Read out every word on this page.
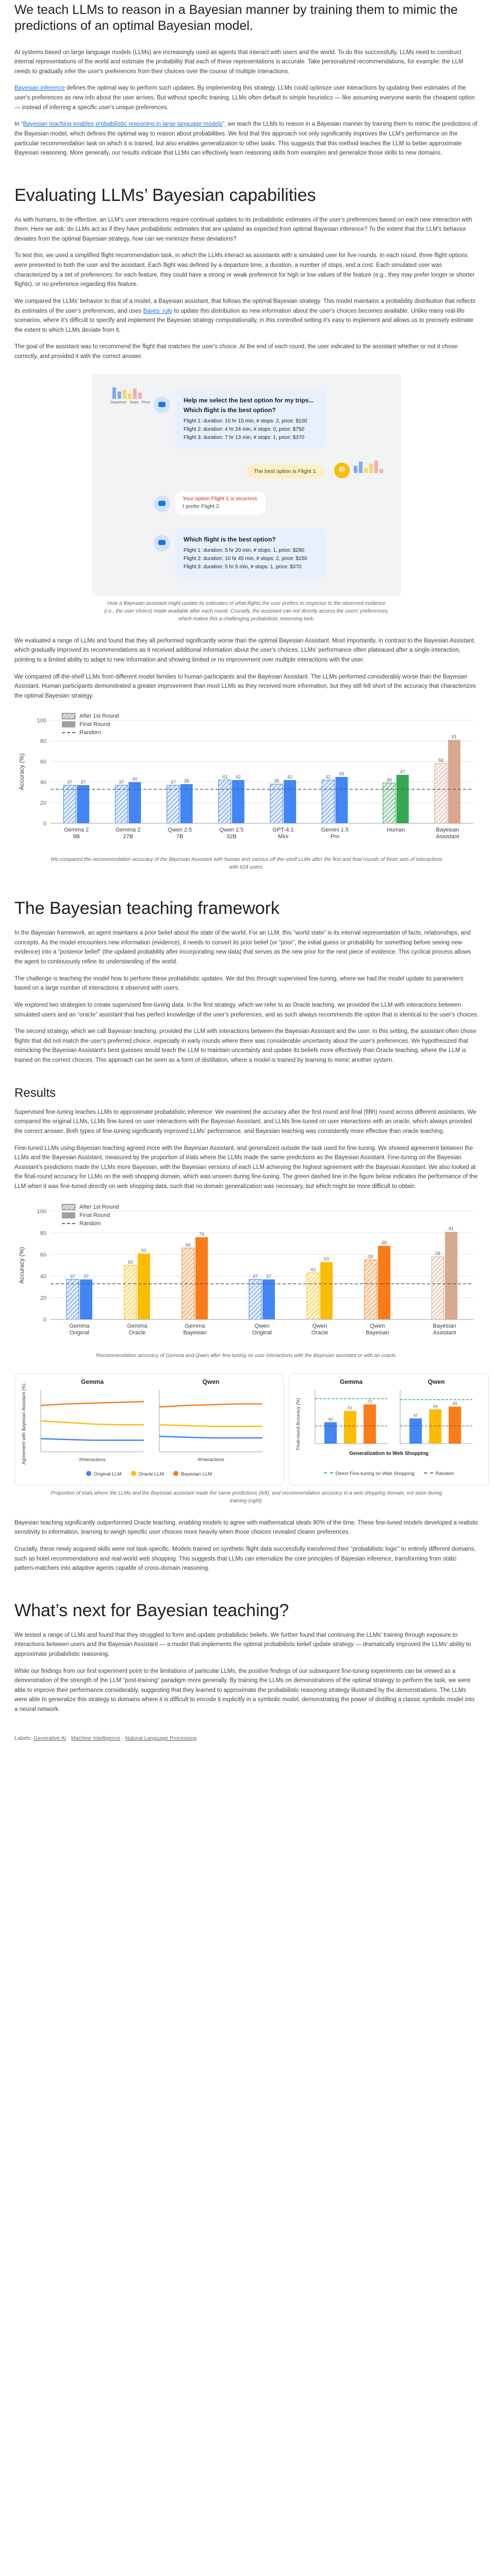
We teach LLMs to reason in a Bayesian manner by training them to mimic the predictions of an optimal Bayesian model.

AI systems based on large language models (LLMs) are increasingly used as agents that interact with users and the world. To do this successfully, LLMs need to construct internal representations of the world and estimate the probability that each of these representations is accurate. Take personalized recommendations, for example: the LLM needs to gradually infer the user's preferences from their choices over the course of multiple interactions.

Bayesian inference defines the optimal way to perform such updates. By implementing this strategy, LLMs could optimize user interactions by updating their estimates of the user's preferences as new info about the user arrives. But without specific training, LLMs often default to simple heuristics — like assuming everyone wants the cheapest option — instead of inferring a specific user's unique preferences.

In “Bayesian teaching enables probabilistic reasoning in large language models”, we teach the LLMs to reason in a Bayesian manner by training them to mimic the predictions of the Bayesian model, which defines the optimal way to reason about probabilities. We find that this approach not only significantly improves the LLM's performance on the particular recommendation task on which it is trained, but also enables generalization to other tasks. This suggests that this method teaches the LLM to better approximate Bayesian reasoning. More generally, our results indicate that LLMs can effectively learn reasoning skills from examples and generalize those skills to new domains.

Evaluating LLMs’ Bayesian capabilities

As with humans, to be effective, an LLM's user interactions require continual updates to its probabilistic estimates of the user's preferences based on each new interaction with them. Here we ask: do LLMs act as if they have probabilistic estimates that are updated as expected from optimal Bayesian inference? To the extent that the LLM's behavior deviates from the optimal Bayesian strategy, how can we minimize these deviations?

To test this, we used a simplified flight recommendation task, in which the LLMs interact as assistants with a simulated user for five rounds. In each round, three flight options were presented to both the user and the assistant. Each flight was defined by a departure time, a duration, a number of stops, and a cost. Each simulated user was characterized by a set of preferences: for each feature, they could have a strong or weak preference for high or low values of the feature (e.g., they may prefer longer or shorter flights), or no preference regarding this feature.

We compared the LLMs' behavior to that of a model, a Bayesian assistant, that follows the optimal Bayesian strategy. This model maintains a probability distribution that reflects its estimates of the user's preferences, and uses Bayes' rule to update this distribution as new information about the user's choices becomes available. Unlike many real-life scenarios, where it's difficult to specify and implement the Bayesian strategy computationally, in this controlled setting it's easy to implement and allows us to precisely estimate the extent to which LLMs deviate from it.

The goal of the assistant was to recommend the flight that matches the user's choice. At the end of each round, the user indicated to the assistant whether or not it chose correctly, and provided it with the correct answer.

Departure Stops Price	Help me select the best option for my trips... Which flight is the best option?
Flight 1: duration: 10 hr 15 min, # stops: 2, price: $100
Flight 2: duration: 4 hr 24 min, # stops: 0, price: $750
Flight 3: duration: 7 hr 13 min, # stops: 1, price: $370
The best option is Flight 1.
Your option Flight 1 is incorrect.
I prefer Flight 2.
Which flight is the best option?
Flight 1: duration: 5 hr 20 min, # stops: 1, price: $290
Flight 2: duration: 10 hr 45 min, # stops: 2, price: $150
Flight 3: duration: 5 hr 5 min, # stops: 1, price: $370
How a Bayesian assistant might update its estimates of what flights the user prefers in response to the observed evidence (i.e., the user choice) made available after each round. Crucially, the assistant can not directly access the users' preferences, which makes this a challenging probabilistic reasoning task.

We evaluated a range of LLMs and found that they all performed significantly worse than the optimal Bayesian Assistant. Most importantly, in contrast to the Bayesian Assistant, which gradually improved its recommendations as it received additional information about the user's choices, LLMs' performance often plateaued after a single interaction, pointing to a limited ability to adapt to new information and showing limited or no improvement over multiple interactions with the user.

We compared off-the-shelf LLMs from different model families to human participants and the Bayesian Assistant. The LLMs performed considerably worse than the Bayesian Assistant. Human participants demonstrated a greater improvement than most LLMs as they received more information, but they still fell short of the accuracy that characterizes the optimal Bayesian strategy.

0
20
40
60
80
100
Accuracy (%)	37 37
Gemma 2
9B
37
40
Gemma 2
27B
37 38
Qwen 2.5
7B
42 42
Qwen 2.5
32B
38
42
GPT-4.1
Mini
42
45
Gemini 1.5
Pro
39
47
Human
58
81
Bayesian
Assistant
After 1st Round
Final Round
Random
We compared the recommendation accuracy of the Bayesian Assistant with human and various off-the-shelf LLMs after the first and final rounds of three sets of interactions with 624 users.
The Bayesian teaching framework

In the Bayesian framework, an agent maintains a prior belief about the state of the world. For an LLM, this “world state” is its internal representation of facts, relationships, and concepts. As the model encounters new information (evidence), it needs to convert its prior belief (or “prior”, the initial guess or probability for something before seeing new evidence) into a “posterior belief” (the updated probability after incorporating new data) that serves as the new prior for the next piece of evidence. This cyclical process allows the agent to continuously refine its understanding of the world.

The challenge is teaching the model how to perform these probabilistic updates. We did this through supervised fine-tuning, where we had the model update its parameters based on a large number of interactions it observed with users.

We explored two strategies to create supervised fine-tuning data. In the first strategy, which we refer to as Oracle teaching, we provided the LLM with interactions between simulated users and an “oracle” assistant that has perfect knowledge of the user's preferences, and as such always recommends the option that is identical to the user's choices.

The second strategy, which we call Bayesian teaching, provided the LLM with interactions between the Bayesian Assistant and the user. In this setting, the assistant often chose flights that did not match the user's preferred choice, especially in early rounds where there was considerable uncertainty about the user's preferences. We hypothesized that mimicking the Bayesian Assistant's best guesses would teach the LLM to maintain uncertainty and update its beliefs more effectively than Oracle teaching, where the LLM is trained on the correct choices. This approach can be seen as a form of distillation, where a model is trained by learning to mimic another system.

Results

Supervised fine-tuning teaches LLMs to approximate probabilistic inference: We examined the accuracy after the first round and final (fifth) round across different assistants. We compared the original LLMs, LLMs fine-tuned on user interactions with the Bayesian Assistant, and LLMs fine-tuned on user interactions with an oracle, which always provided the correct answer. Both types of fine-tuning significantly improved LLMs' performance, and Bayesian teaching was consistently more effective than oracle teaching.

Fine-tuned LLMs using Bayesian teaching agreed more with the Bayesian Assistant, and generalized outside the task used for fine-tuning. We showed agreement between the LLMs and the Bayesian Assistant, measured by the proportion of trials where the LLMs made the same predictions as the Bayesian Assistant. Fine-tuning on the Bayesian Assistant's predictions made the LLMs more Bayesian, with the Bayesian versions of each LLM achieving the highest agreement with the Bayesian Assistant. We also looked at the final-round accuracy for LLMs on the web shopping domain, which was unseen during fine-tuning. The green dashed line in the figure below indicates the performance of the LLM when it was fine-tuned directly on web shopping data, such that no domain generalization was necessary, but which might be more difficult to obtain.

0
20
40
60
80
100
Accuracy (%)	37 37
Gemma
Original
50
61
Gemma
Oracle
66
76
Gemma
Bayesian
37 37
Qwen
Original
43
53
Qwen
Oracle
55
68
Qwen
Bayesian
58
81
Bayesian
Assistant
After 1st Round
Final Round
Random
Recommendation accuracy of Gemma and Qwen after fine-tuning on user interactions with the Bayesian assistant or with an oracle.
Agreement with Bayesian Assistant (%)
Gemma
#Interactions
Qwen
#Interactions
Original LLM	Oracle LLM	Bayesian LLM
Final-round Accuracy (%)
Generalization to Web Shopping
Gemma
40
61
73
Qwen
47
64
69
Direct Fine-tuning on Web Shopping	Random
Proportion of trials where the LLMs and the Bayesian assistant made the same predictions (left), and recommendation accuracy in a web shopping domain, not seen during training (right).

Bayesian teaching significantly outperformed Oracle teaching, enabling models to agree with mathematical ideals 80% of the time. These fine-tuned models developed a realistic sensitivity to information, learning to weigh specific user choices more heavily when those choices revealed clearer preferences.

Crucially, these newly acquired skills were not task-specific. Models trained on synthetic flight data successfully transferred their “probabilistic logic” to entirely different domains, such as hotel recommendations and real-world web shopping. This suggests that LLMs can internalize the core principles of Bayesian inference, transforming from static pattern-matchers into adaptive agents capable of cross-domain reasoning.

What’s next for Bayesian teaching?

We tested a range of LLMs and found that they struggled to form and update probabilistic beliefs. We further found that continuing the LLMs' training through exposure to interactions between users and the Bayesian Assistant — a model that implements the optimal probabilistic belief update strategy — dramatically improved the LLMs' ability to approximate probabilistic reasoning.

While our findings from our first experiment point to the limitations of particular LLMs, the positive findings of our subsequent fine-tuning experiments can be viewed as a demonstration of the strength of the LLM “post-training” paradigm more generally. By training the LLMs on demonstrations of the optimal strategy to perform the task, we were able to improve their performance considerably, suggesting that they learned to approximate the probabilistic reasoning strategy illustrated by the demonstrations. The LLMs were able to generalize this strategy to domains where it is difficult to encode it explicitly in a symbolic model, demonstrating the power of distilling a classic symbolic model into a neural network.

Labels: Generative AI · Machine Intelligence · Natural Language Processing
